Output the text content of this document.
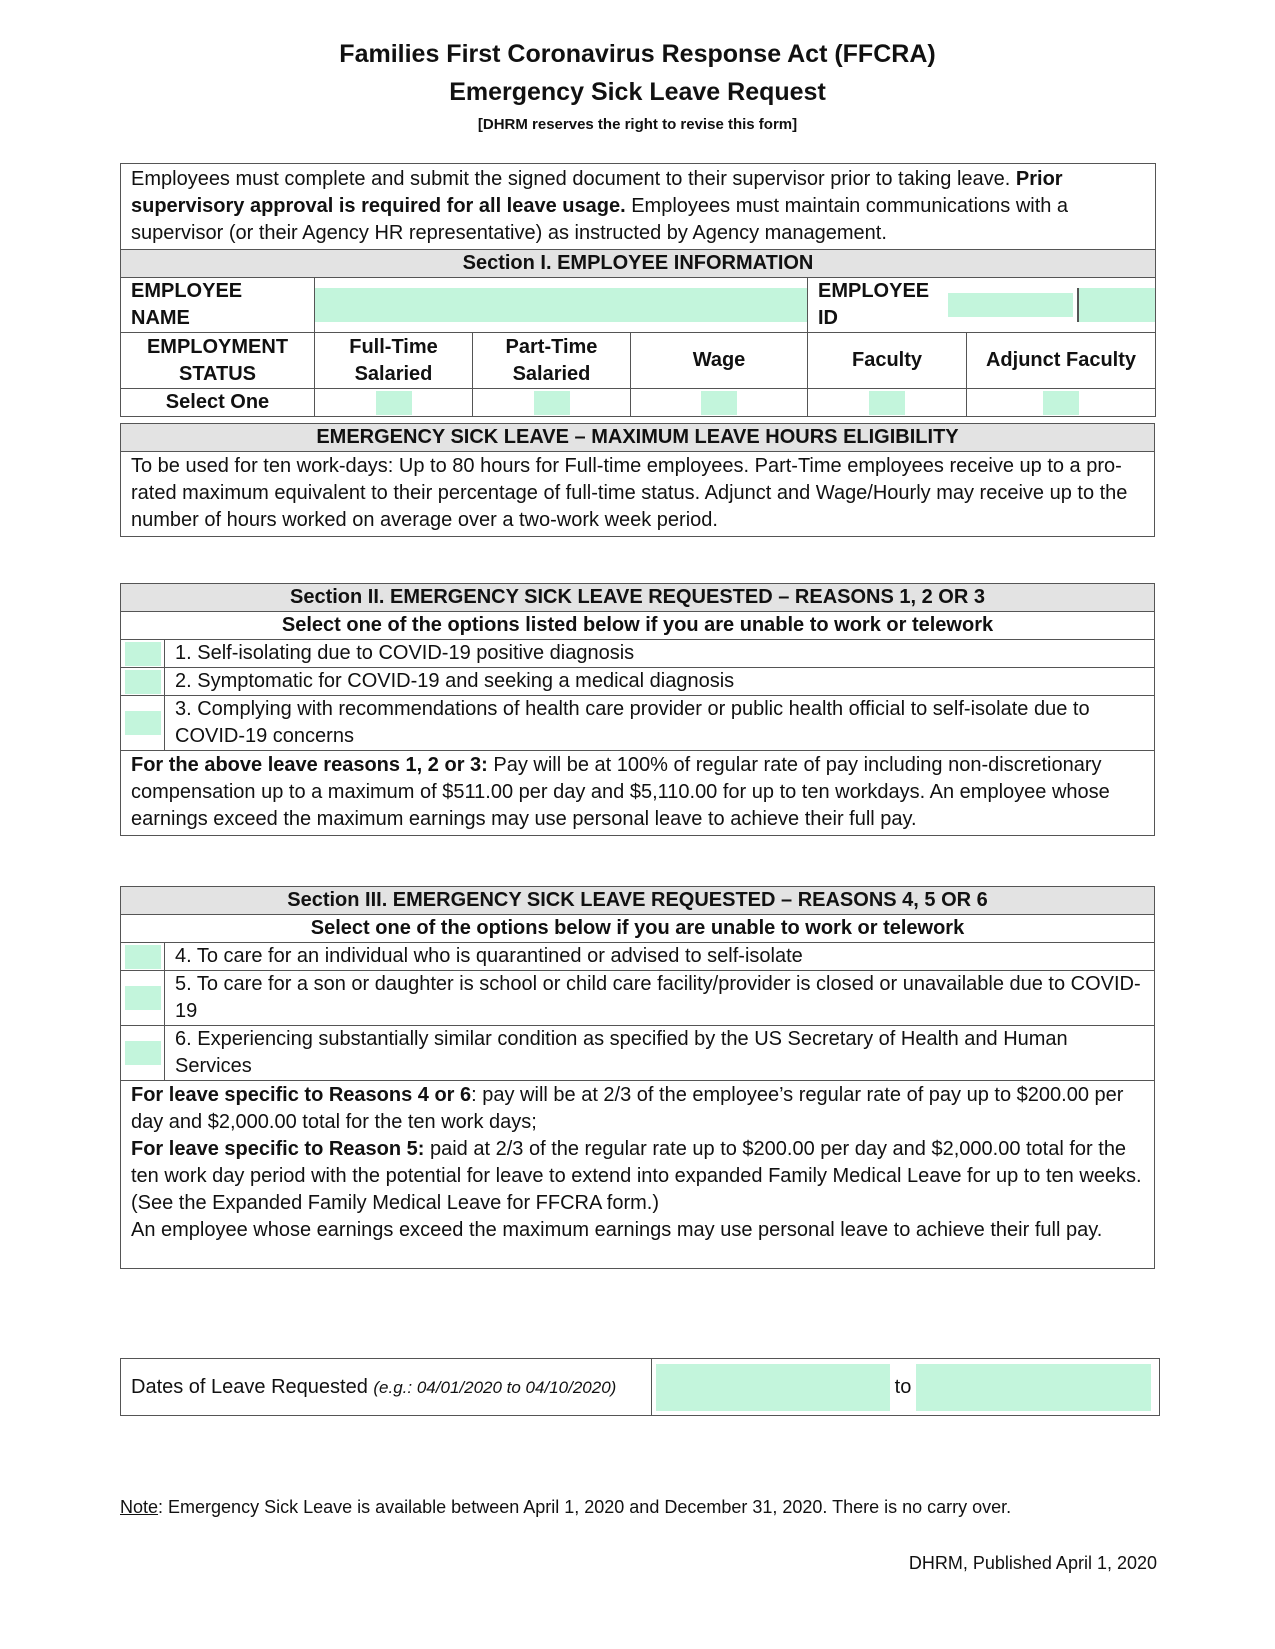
Families First Coronavirus Response Act (FFCRA)
Emergency Sick Leave Request
[DHRM reserves the right to revise this form]
Employees must complete and submit the signed document to their supervisor prior to taking leave. Prior supervisory approval is required for all leave usage. Employees must maintain communications with a supervisor (or their Agency HR representative) as instructed by Agency management.					
Section I. EMPLOYEE INFORMATION					
EMPLOYEE NAME				EMPLOYEE ID	

EMPLOYMENT STATUS	Full-Time Salaried	Part-Time Salaried	Wage	Faculty	Adjunct Faculty
Select One					
EMERGENCY SICK LEAVE – MAXIMUM LEAVE HOURS ELIGIBILITY
To be used for ten work-days: Up to 80 hours for Full-time employees. Part-Time employees receive up to a pro-rated maximum equivalent to their percentage of full-time status. Adjunct and Wage/Hourly may receive up to the number of hours worked on average over a two-work week period.
Section II. EMERGENCY SICK LEAVE REQUESTED – REASONS 1, 2 OR 3	
Select one of the options listed below if you are unable to work or telework	
	1. Self-isolating due to COVID-19 positive diagnosis
	2. Symptomatic for COVID-19 and seeking a medical diagnosis
	3. Complying with recommendations of health care provider or public health official to self-isolate due to COVID-19 concerns
For the above leave reasons 1, 2 or 3: Pay will be at 100% of regular rate of pay including non-discretionary compensation up to a maximum of $511.00 per day and $5,110.00 for up to ten workdays. An employee whose earnings exceed the maximum earnings may use personal leave to achieve their full pay.	
Section III. EMERGENCY SICK LEAVE REQUESTED – REASONS 4, 5 OR 6	
Select one of the options below if you are unable to work or telework	
	4. To care for an individual who is quarantined or advised to self-isolate
	5. To care for a son or daughter is school or child care facility/provider is closed or unavailable due to COVID-19
	6. Experiencing substantially similar condition as specified by the US Secretary of Health and Human Services
For leave specific to Reasons 4 or 6: pay will be at 2/3 of the employee’s regular rate of pay up to $200.00 per day and $2,000.00 total for the ten work days;
For leave specific to Reason 5: paid at 2/3 of the regular rate up to $200.00 per day and $2,000.00 total for the ten work day period with the potential for leave to extend into expanded Family Medical Leave for up to ten weeks. (See the Expanded Family Medical Leave for FFCRA form.)
An employee whose earnings exceed the maximum earnings may use personal leave to achieve their full pay.	
Dates of Leave Requested (e.g.: 04/01/2020 to 04/10/2020)	to
Note: Emergency Sick Leave is available between April 1, 2020 and December 31, 2020. There is no carry over.
DHRM, Published April 1, 2020
